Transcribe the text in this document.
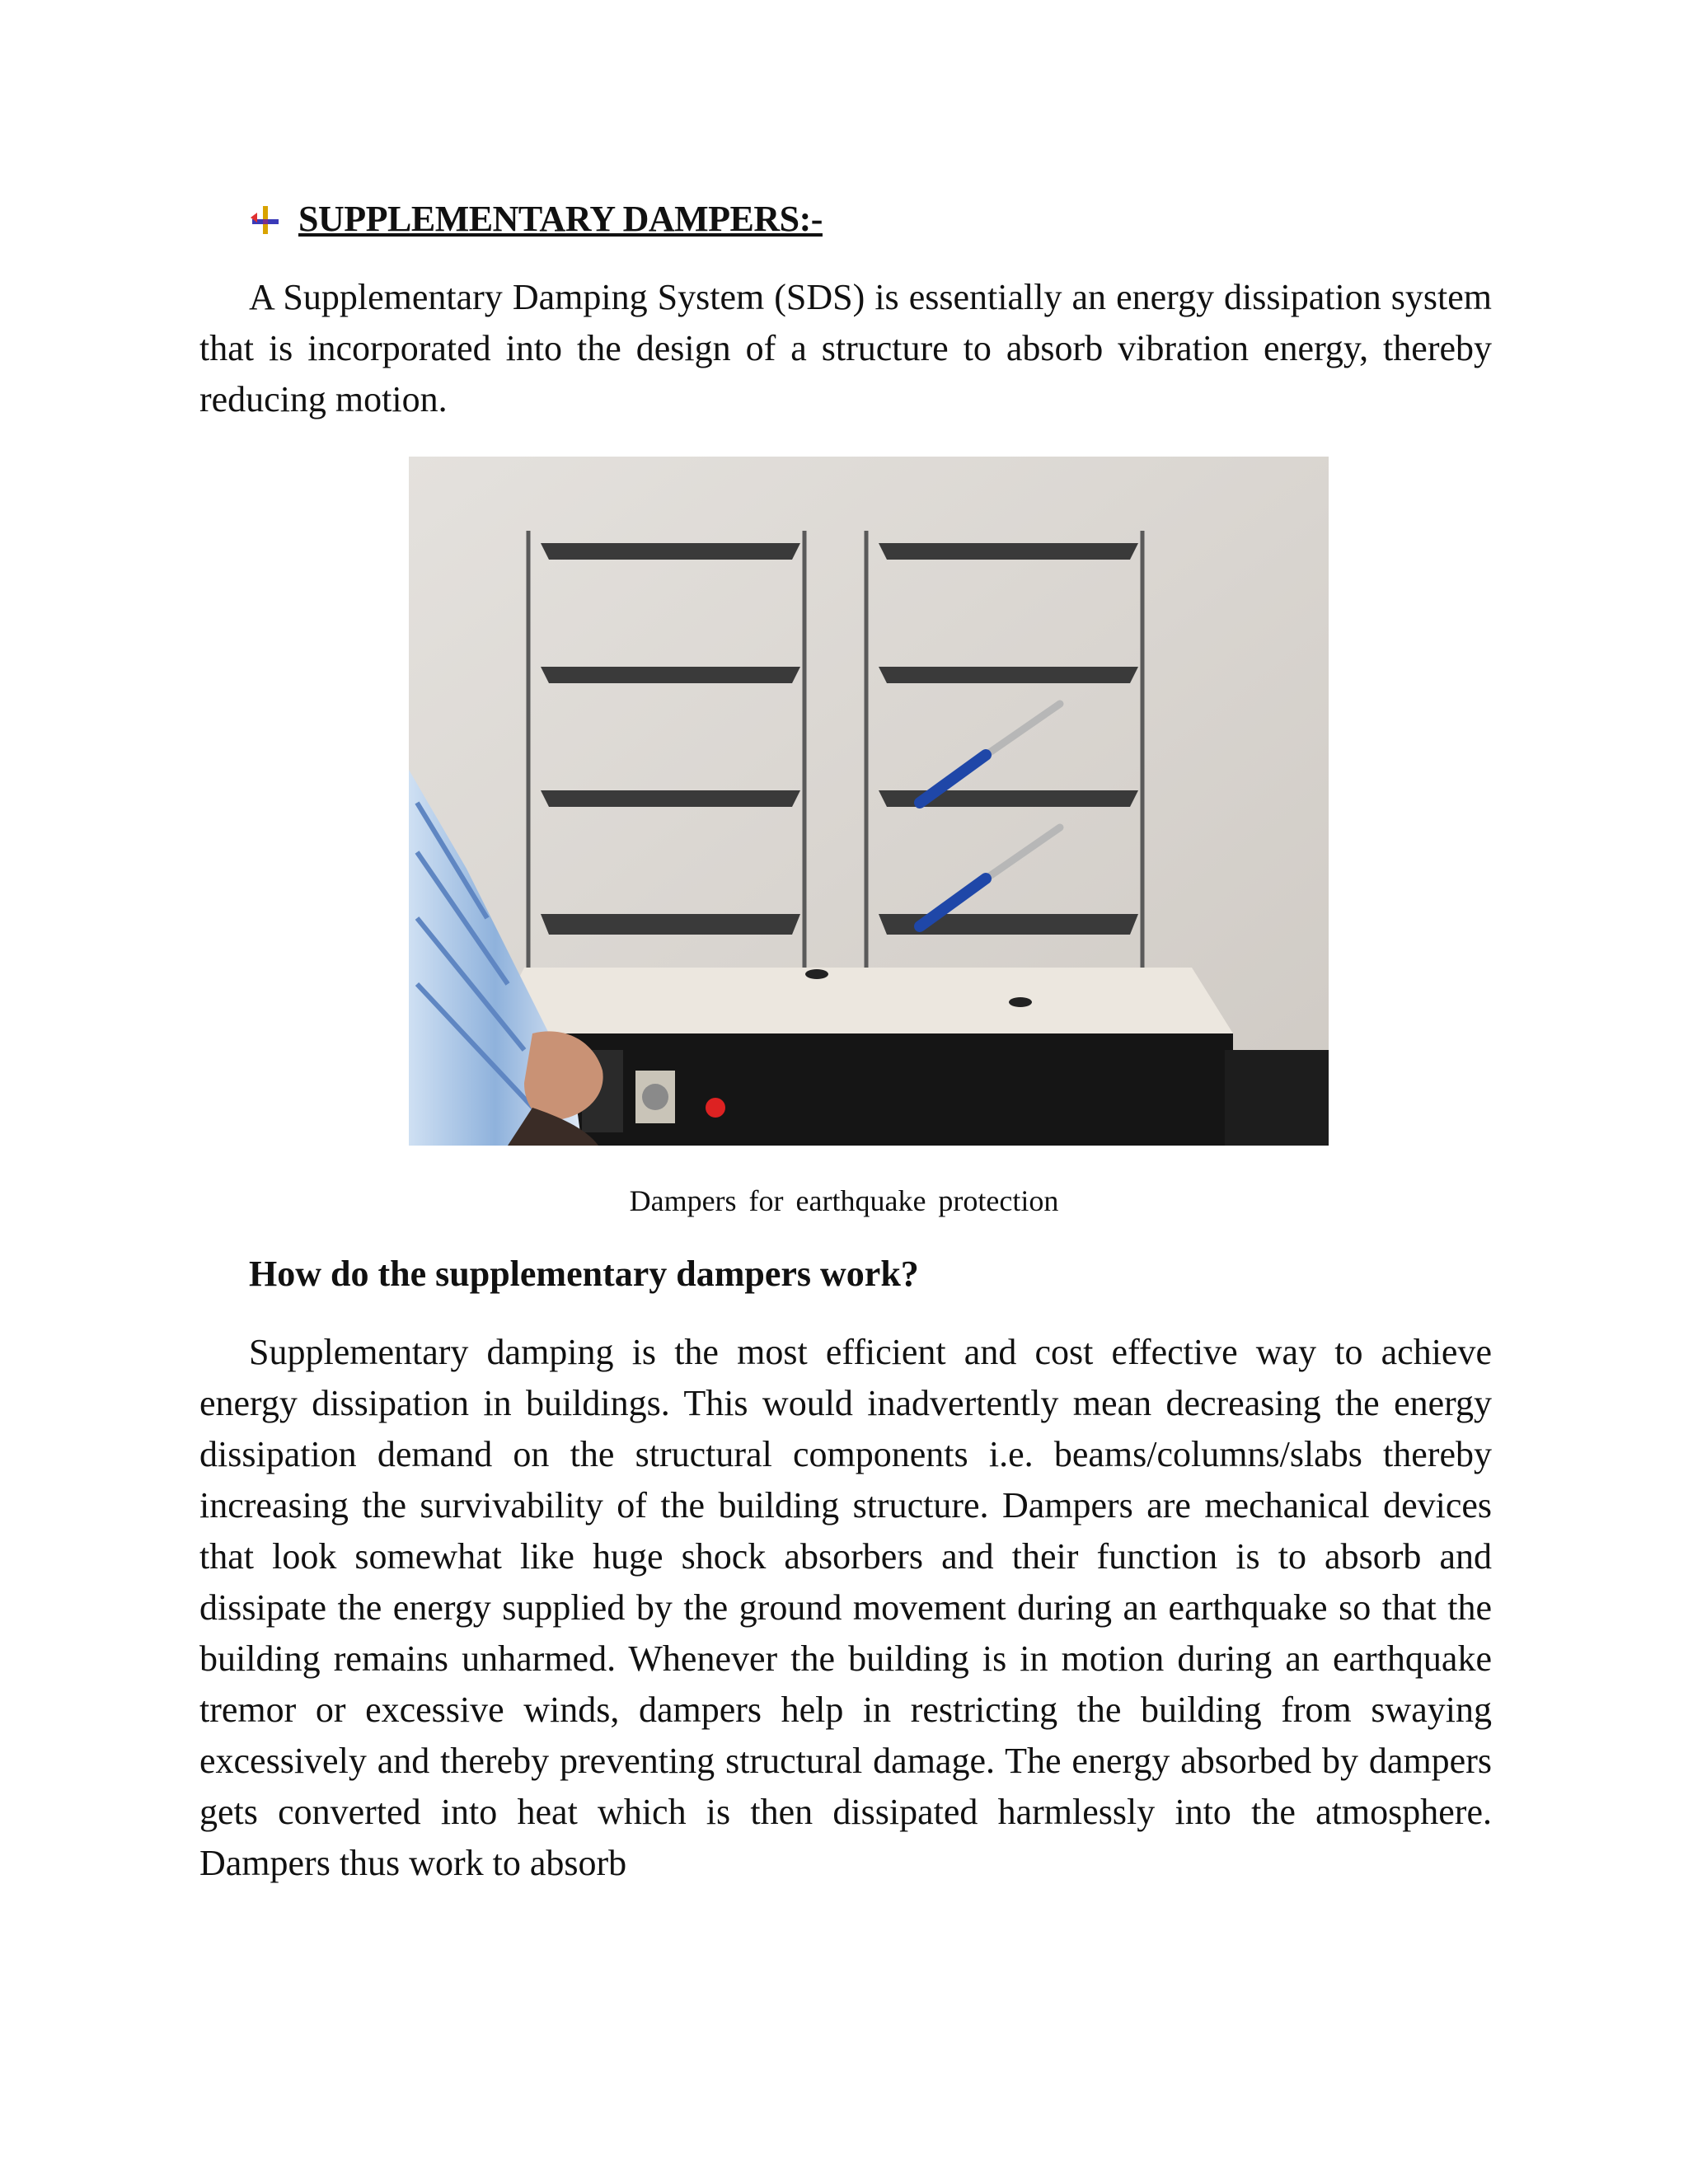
SUPPLEMENTARY DAMPERS:-

A Supplementary Damping System (SDS) is essentially an energy dissipation system that is incorporated into the design of a structure to absorb vibration energy, thereby reducing motion.

Dampers for earthquake protection
How do the supplementary dampers work?

Supplementary damping is the most efficient and cost effective way to achieve energy dissipation in buildings. This would inadvertently mean decreasing the energy dissipation demand on the structural components i.e. beams/columns/slabs thereby increasing the survivability of the building structure. Dampers are mechanical devices that look somewhat like huge shock absorbers and their function is to absorb and dissipate the energy supplied by the ground movement during an earthquake so that the building remains unharmed. Whenever the building is in motion during an earthquake tremor or excessive winds, dampers help in restricting the building from swaying excessively and thereby preventing structural damage. The energy absorbed by dampers gets converted into heat which is then dissipated harmlessly into the atmosphere. Dampers thus work to absorb
